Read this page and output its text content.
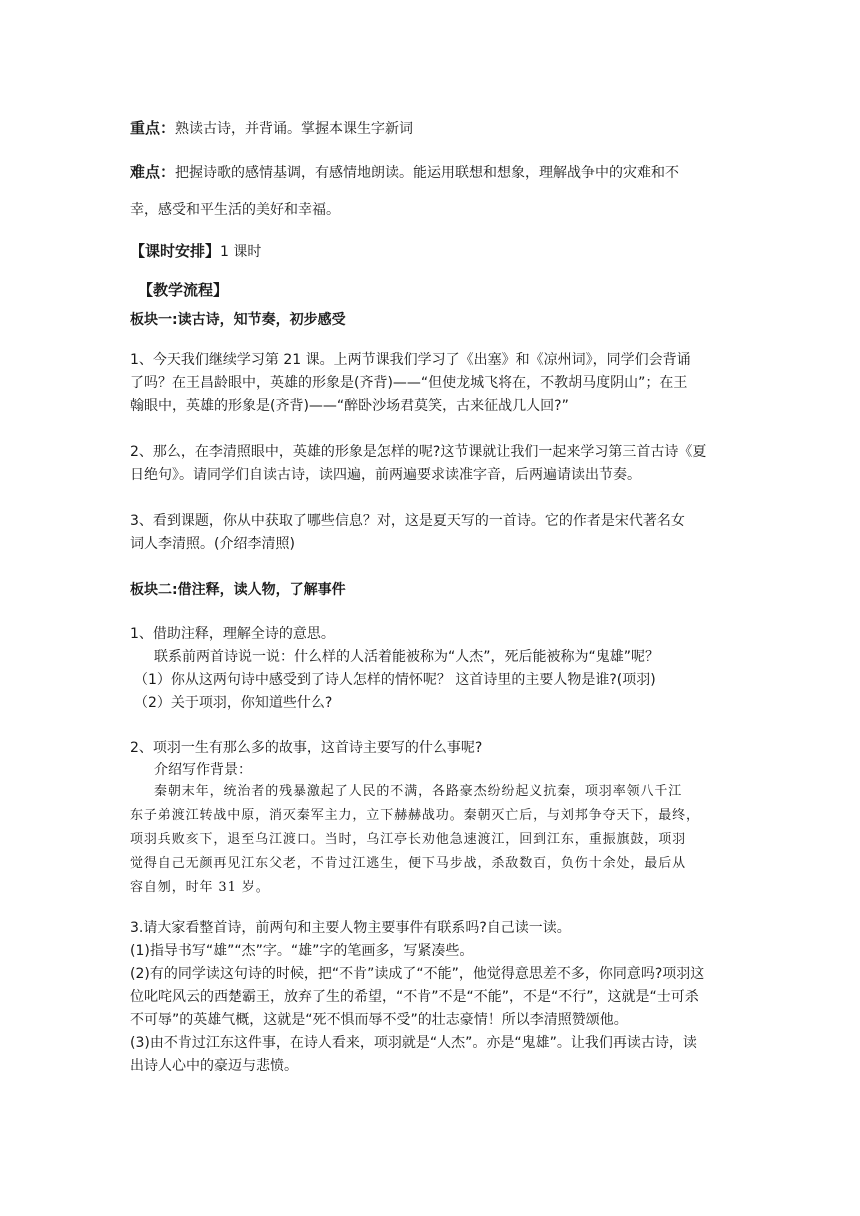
重点：熟读古诗，并背诵。掌握本课生字新词
难点：把握诗歌的感情基调，有感情地朗读。能运用联想和想象，理解战争中的灾难和不
幸，感受和平生活的美好和幸福。
【课时安排】1 课时
【教学流程】
板块一:读古诗，知节奏，初步感受
1、今天我们继续学习第 21 课。上两节课我们学习了《出塞》和《凉州词》，同学们会背诵
了吗？在王昌龄眼中，英雄的形象是(齐背)——“但使龙城飞将在，不教胡马度阴山”；在王
翰眼中，英雄的形象是(齐背)——“醉卧沙场君莫笑，古来征战几人回?”
2、那么，在李清照眼中，英雄的形象是怎样的呢?这节课就让我们一起来学习第三首古诗《夏
日绝句》。请同学们自读古诗，读四遍，前两遍要求读准字音，后两遍请读出节奏。
3、看到课题，你从中获取了哪些信息？对，这是夏天写的一首诗。它的作者是宋代著名女
词人李清照。(介绍李清照)
板块二:借注释，读人物，了解事件
1、借助注释，理解全诗的意思。
联系前两首诗说一说：什么样的人活着能被称为“人杰”，死后能被称为“鬼雄”呢？
（1）你从这两句诗中感受到了诗人怎样的情怀呢？ 这首诗里的主要人物是谁?(项羽)
（2）关于项羽，你知道些什么?
2、项羽一生有那么多的故事，这首诗主要写的什么事呢?
介绍写作背景：
秦朝末年，统治者的残暴激起了人民的不满，各路豪杰纷纷起义抗秦，项羽率领八千江
东子弟渡江转战中原，消灭秦军主力，立下赫赫战功。秦朝灭亡后，与刘邦争夺天下，最终，
项羽兵败亥下，退至乌江渡口。当时，乌江亭长劝他急速渡江，回到江东，重振旗鼓，项羽
觉得自己无颜再见江东父老，不肯过江逃生，便下马步战，杀敌数百，负伤十余处，最后从
容自刎，时年 31 岁。
3.请大家看整首诗，前两句和主要人物主要事件有联系吗?自己读一读。
(1)指导书写“雄”“杰”字。“雄”字的笔画多，写紧凑些。
(2)有的同学读这句诗的时候，把“不肯”读成了“不能”，他觉得意思差不多，你同意吗?项羽这
位叱咤风云的西楚霸王，放弃了生的希望，“不肯”不是“不能”，不是“不行”，这就是“士可杀
不可辱”的英雄气概，这就是“死不惧而辱不受”的壮志豪情！所以李清照赞颂他。
(3)由不肯过江东这件事，在诗人看来，项羽就是“人杰”。亦是“鬼雄”。让我们再读古诗，读
出诗人心中的豪迈与悲愤。
